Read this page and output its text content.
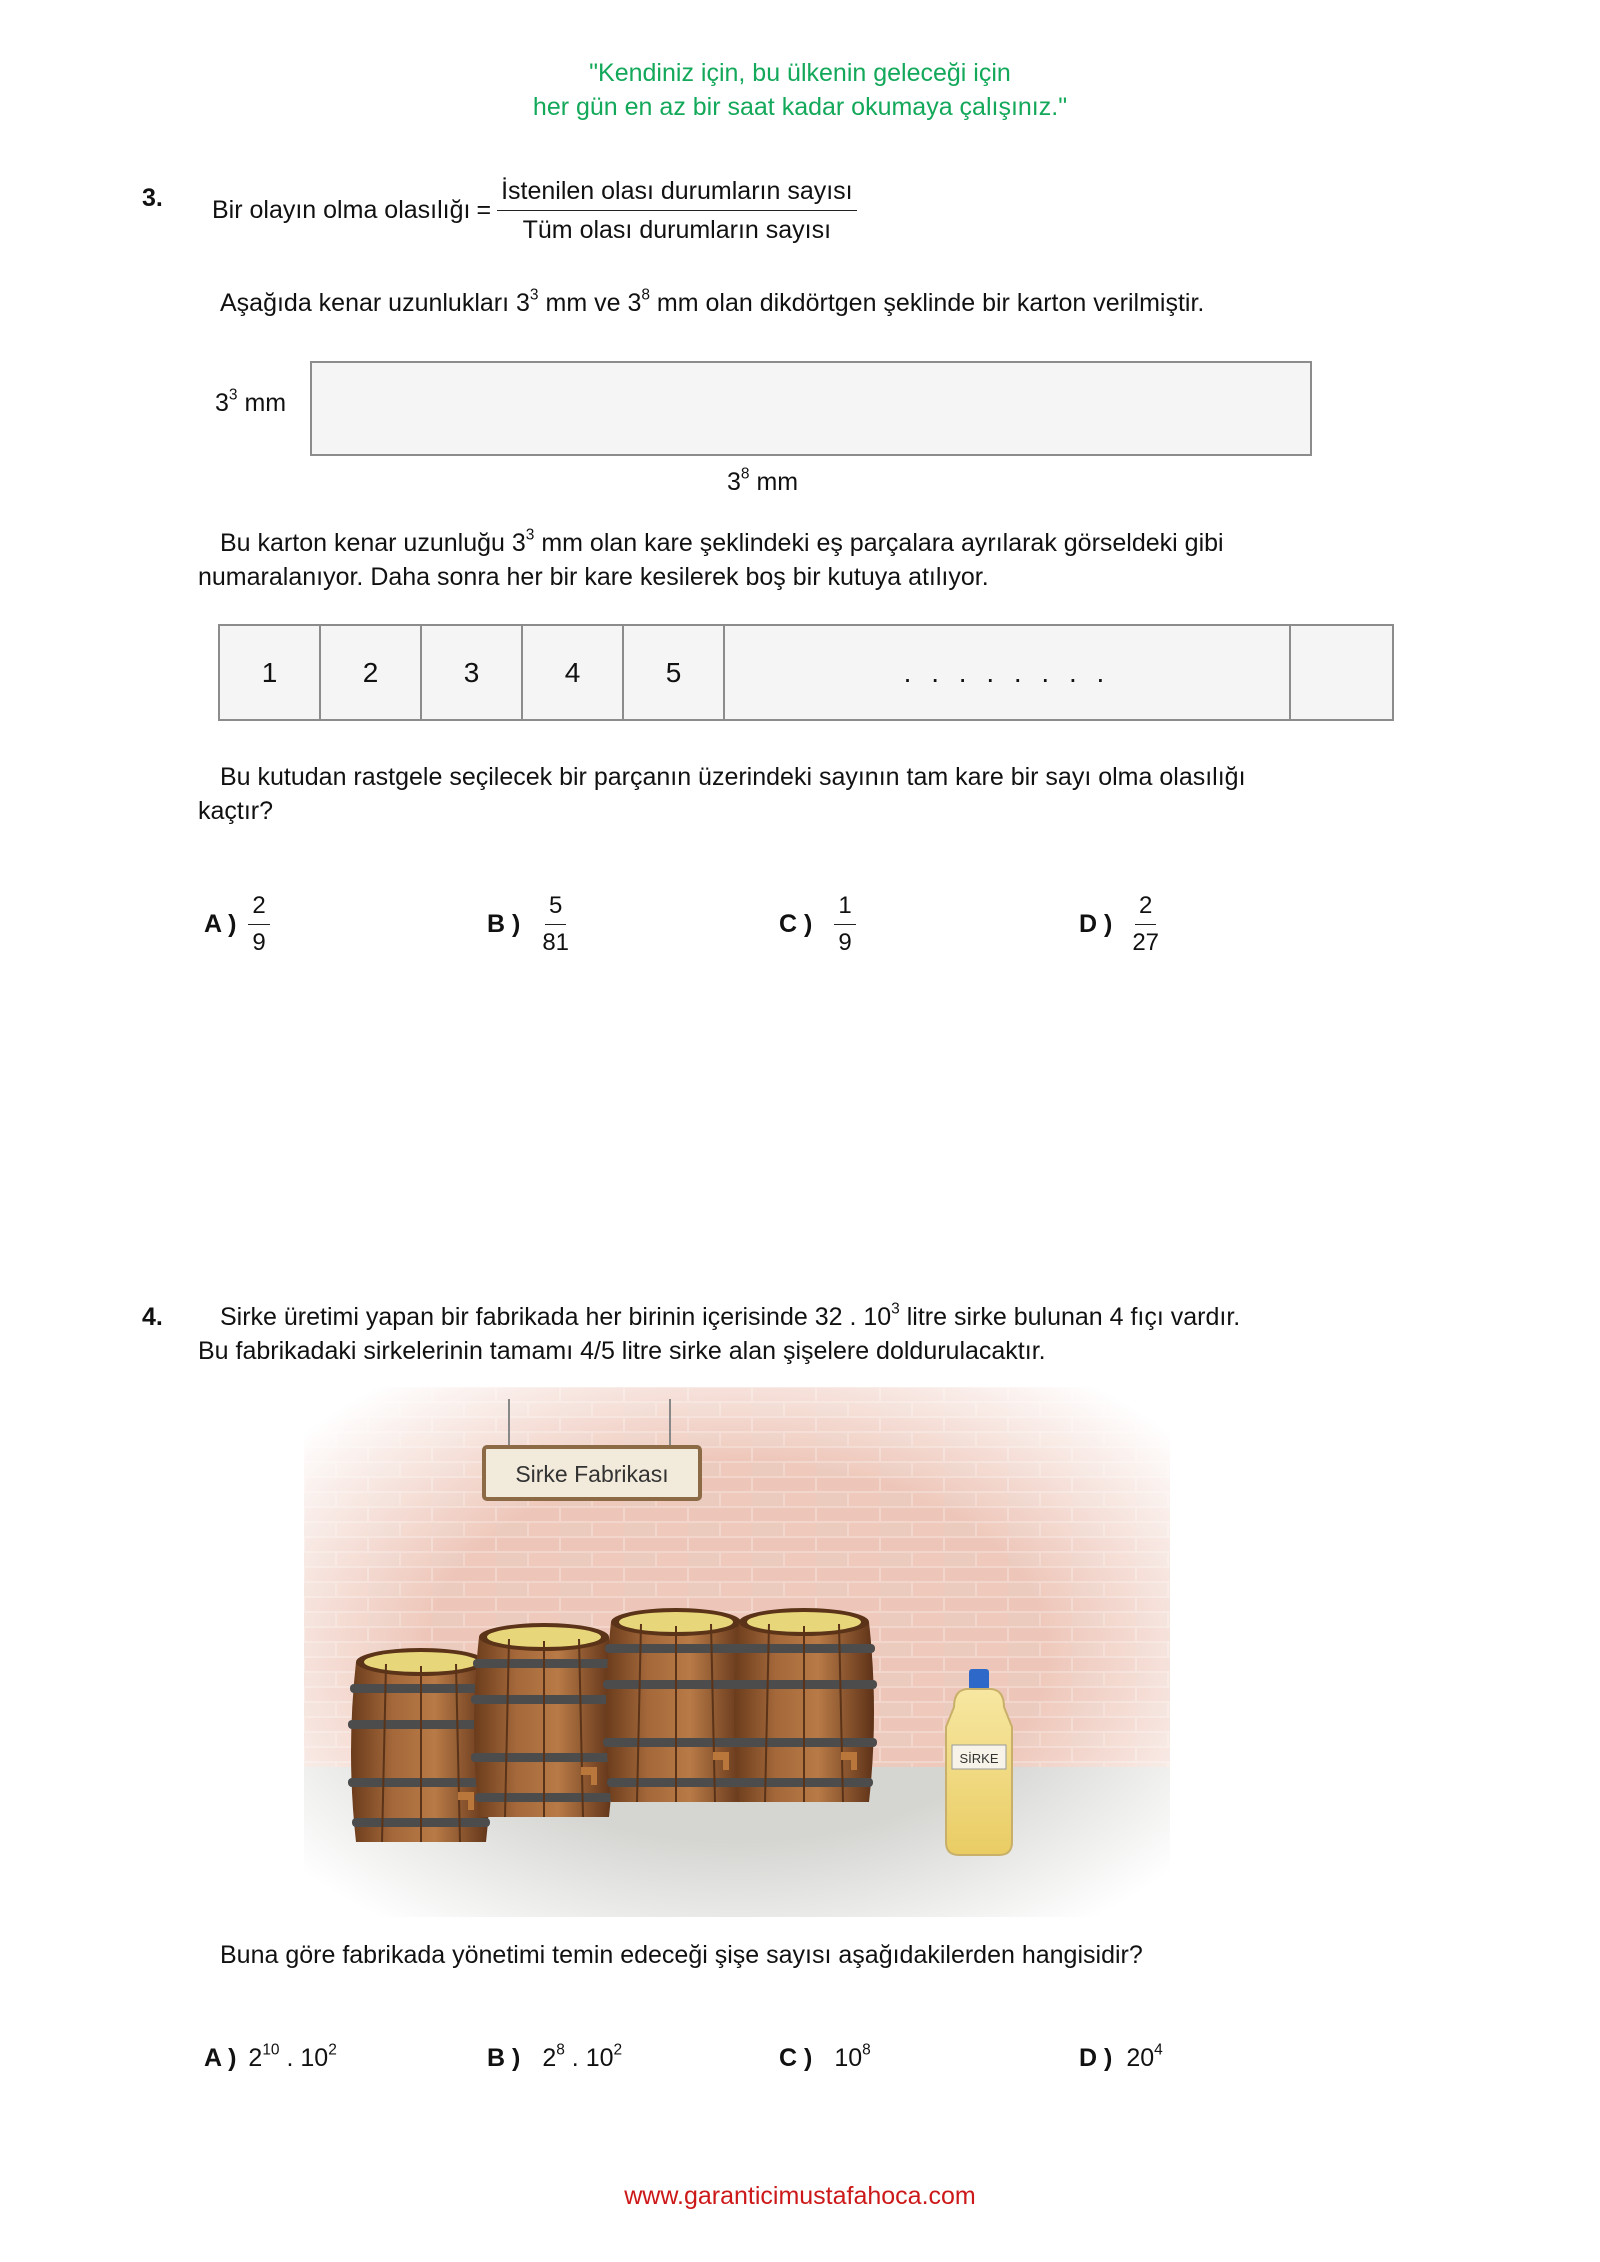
"Kendiniz için, bu ülkenin geleceği için
her gün en az bir saat kadar okumaya çalışınız."
3. Bir olayın olma olasılığı = $\frac{\text{İstenilen olası durumların sayısı}}{\text{Tüm olası durumların sayısı}}$
Aşağıda kenar uzunlukları $3^3$ mm ve $3^8$ mm olan dikdörtgen şeklinde bir karton verilmiştir.
$3^3$ mm
$3^8$ mm
Bu karton kenar uzunluğu $3^3$ mm olan kare şeklindeki eş parçalara ayrılarak görseldeki gibi
numaralanıyor. Daha sonra her bir kare kesilerek boş bir kutuya atılıyor.
1	2	3	4	5	. . . . . . . .
Bu kutudan rastgele seçilecek bir parçanın üzerindeki sayının tam kare bir sayı olma olasılığı
kaçtır?
A ) $\frac{2}{9}$	B ) $\frac{5}{81}$	C ) $\frac{1}{9}$	D ) $\frac{2}{27}$
4. Sirke üretimi yapan bir fabrikada her birinin içerisinde 32 . $10^3$ litre sirke bulunan 4 fıçı vardır.
Bu fabrikadaki sirkelerinin tamamı 4/5 litre sirke alan şişelere doldurulacaktır.
Sirke Fabrikası
SİRKE
Buna göre fabrikada yönetimi temin edeceği şişe sayısı aşağıdakilerden hangisidir?
A ) $2^{10}$ . $10^2$	B ) $2^8$ . $10^2$	C ) $10^8$	D ) $20^4$
www.garanticimustafahoca.com
